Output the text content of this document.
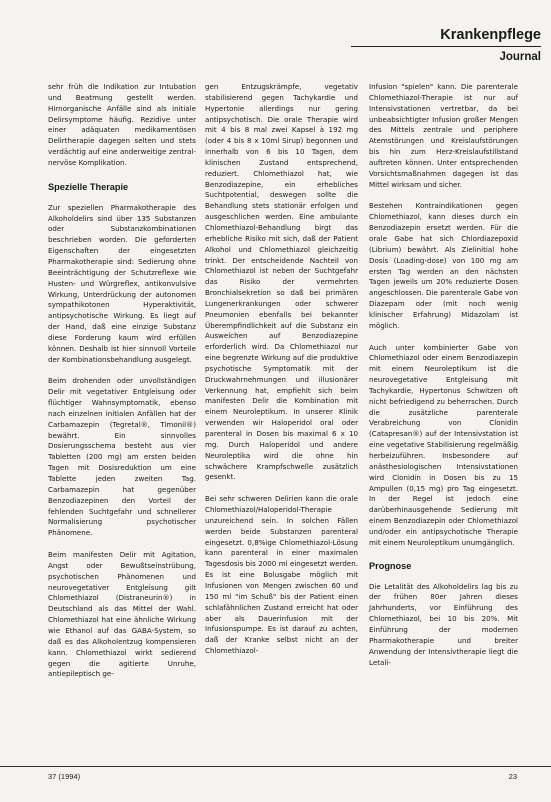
Krankenpflege
Journal

sehr früh die Indikation zur Intubation und Beatmung gestellt werden. Hirnorganische Anfälle sind als initiale Delirsymptome häufig. Rezidive unter einer adäquaten medikamentösen Delirtherapie dagegen selten und stets verdächtig auf eine anderweitige zentral-nervöse Komplikation.

Spezielle Therapie

Zur speziellen Pharmakotherapie des Alkoholdelirs sind über 135 Substanzen oder Substanzkombinationen beschrieben worden. Die geforderten Eigenschaften der eingesetzten Pharmakotherapie sind: Sedierung ohne Beeinträchtigung der Schutzreflexe wie Husten- und Würgreflex, antikonvulsive Wirkung, Unterdrückung der autonomen sympathikotonen Hyperaktivität, antipsychotische Wirkung. Es liegt auf der Hand, daß eine einzige Substanz diese Forderung kaum wird erfüllen können. Deshalb ist hier sinnvoll Vorteile der Kombinationsbehandlung ausgelegt.

Beim drohenden oder unvollständigen Delir mit vegetativer Entgleisung oder flüchtiger Wahnsymptomatik, ebenso nach einzelnen initialen Anfällen hat der Carbamazepin (Tegretal®, Timonil®) bewährt. Ein sinnvolles Dosierungsschema besteht aus vier Tabletten (200 mg) am ersten beiden Tagen mit Dosisreduktion um eine Tablette jeden zweiten Tag. Carbamazepin hat gegenüber Benzodiazepinen den Vorteil der fehlenden Suchtgefahr und schnellerer Normalisierung psychotischer Phänomene.

Beim manifesten Delir mit Agitation, Angst oder Bewußtseinstrübung, psychotischen Phänomenen und neurovegetativer Entgleisung gilt Chlomethiazol (Distraneurin®) in Deutschland als das Mittel der Wahl. Chlomethiazol hat eine ähnliche Wirkung wie Ethanol auf das GABA-System, so daß es das Alkoholentzug kompensieren kann. Chlomethiazol wirkt sedierend gegen die agitierte Unruhe, antiepileptisch ge-

gen Entzugskrämpfe, vegetativ stabilisierend gegen Tachykardie und Hypertonie allerdings nur gering antipsychotisch. Die orale Therapie wird mit 4 bis 8 mal zwei Kapsel à 192 mg (oder 4 bis 8 x 10ml Sirup) begonnen und innerhalb von 6 bis 10 Tagen, dem klinischen Zustand entsprechend, reduziert. Chlomethiazol hat, wie Benzodiazepine, ein erhebliches Suchtpotential, deswegen sollte die Behandlung stets stationär erfolgen und ausgeschlichen werden. Eine ambulante Chlomethiazol-Behandlung birgt das erhebliche Risiko mit sich, daß der Patient Alkohol und Chlomethiazol gleichzeitig trinkt. Der entscheidende Nachteil von Chlomethiazol ist neben der Suchtgefahr das Risiko der vermehrten Bronchialsekretion so daß bei primären Lungenerkrankungen oder schwerer Pneumonien ebenfalls bei bekannter Überempfindlichkeit auf die Substanz ein Ausweichen auf Benzodiazepine erforderlich wird. Da Chlomethiazol nur eine begrenzte Wirkung auf die produktive psychotische Symptomatik mit der Druckwahrnehmungen und illusionärer Verkennung hat, empfiehlt sich beim manifesten Delir die Kombination mit einem Neuroleptikum. In unserer Klinik verwenden wir Haloperidol oral oder parenteral in Dosen bis maximal 6 x 10 mg. Durch Haloperidol und andere Neuroleptika wird die ohne hin schwächere Krampfschwelle zusätzlich gesenkt.

Bei sehr schweren Delirien kann die orale Chlomethiazol/Haloperidol-Therapie unzureichend sein. In solchen Fällen werden beide Substanzen parenteral eingesetzt. 0,8%ige Chlomethiazol-Lösung kann parenteral in einer maximalen Tagesdosis bis 2000 ml eingesetzt werden. Es ist eine Bolusgabe möglich mit Infusionen von Mengen zwischen 60 und 150 ml "im Schuß" bis der Patient einen schlafähnlichen Zustand erreicht hat oder aber als Dauerinfusion mit der Infusionspumpe. Es ist darauf zu achten, daß der Kranke selbst nicht an der Chlomethiazol-

Infusion "spielen" kann. Die parenterale Chlomethiazol-Therapie ist nur auf Intensivstationen vertretbar, da bei unbeabsichtigter Infusion großer Mengen des Mittels zentrale und periphere Atemstörungen und Kreislaufstörungen bis hin zum Herz-Kreislaufstillstand auftreten können. Unter entsprechenden Vorsichtsmaßnahmen dagegen ist das Mittel wirksam und sicher.

Bestehen Kontraindikationen gegen Chlomethiazol, kann dieses durch ein Benzodiazepin ersetzt werden. Für die orale Gabe hat sich Chlordiazepoxid (Librium) bewährt. Als Zielinitial hohe Dosis (Loading-dose) von 100 mg am ersten Tag werden an den nächsten Tagen jeweils um 20% reduzierte Dosen angeschlossen. Die parenterale Gabe von Diazepam oder (mit noch wenig klinischer Erfahrung) Midazolam ist möglich.

Auch unter kombinierter Gabe von Chlomethiazol oder einem Benzodiazepin mit einem Neuroleptikum ist die neurovegetative Entgleisung mit Tachykardie, Hypertonus Schwitzen oft nicht befriedigend zu beherrschen. Durch die zusätzliche parenterale Verabreichung von Clonidin (Catapresan®) auf der Intensivstation ist eine vegetative Stabilisierung regelmäßig herbeizuführen. Insbesondere auf anästhesiologischen Intensivstationen wird Clonidin in Dosen bis zu 15 Ampullen (0,15 mg) pro Tag eingesetzt. In der Regel ist jedoch eine darüberhinausgehende Sedierung mit einem Benzodiazepin oder Chlomethiazol und/oder ein antipsychotische Therapie mit einem Neuroleptikum unumgänglich.

Prognose

Die Letalität des Alkoholdelirs lag bis zu der frühen 80er Jahren dieses Jahrhunderts, vor Einführung des Chlomethiazol, bei 10 bis 20%. Mit Einführung der modernen Pharmakotherapie und breiter Anwendung der Intensivtherapie liegt die Letali-

37 (1994)	23
